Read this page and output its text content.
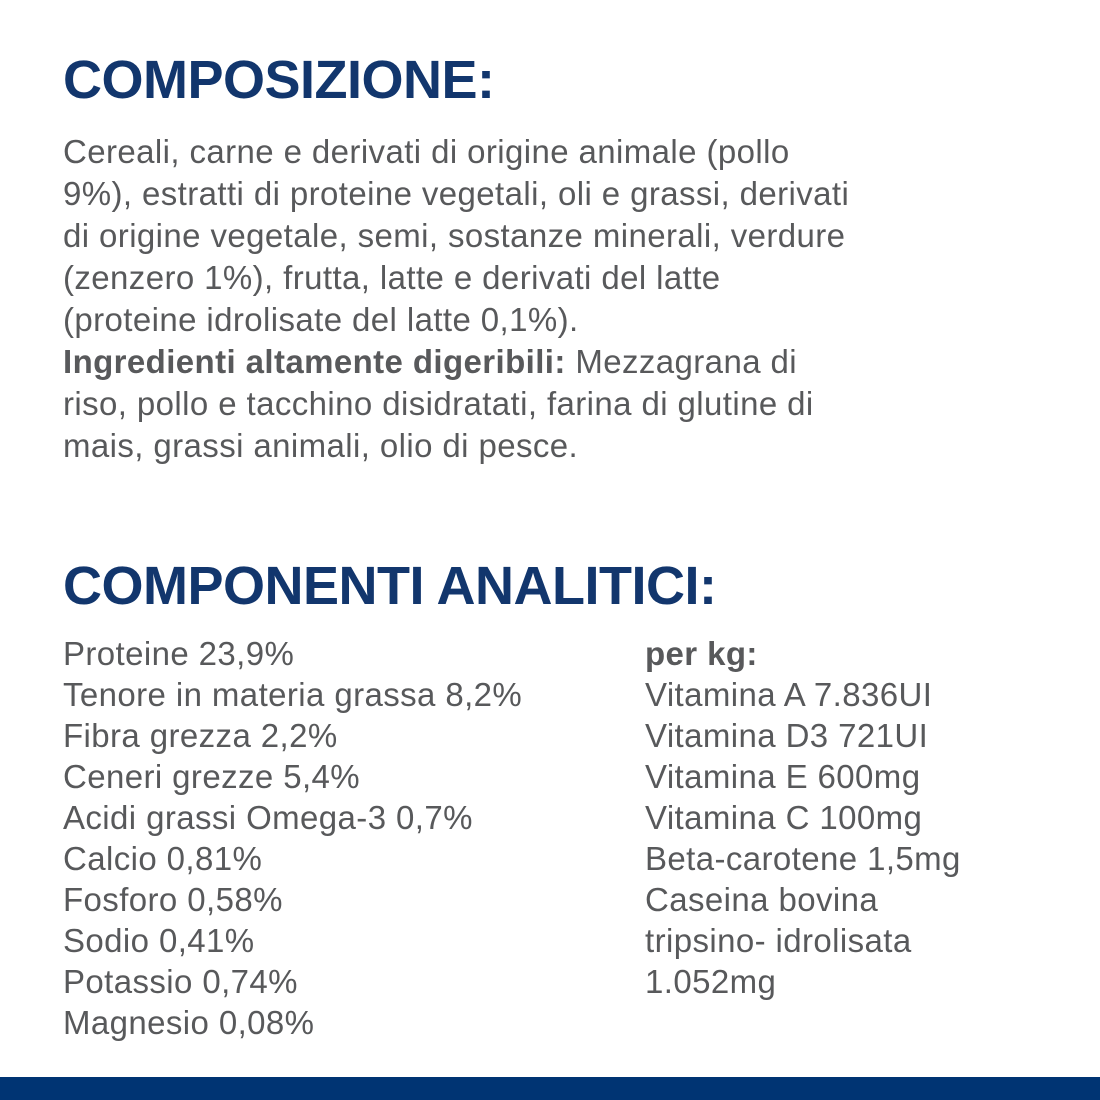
COMPOSIZIONE:

Cereali, carne e derivati di origine animale (pollo
9%), estratti di proteine vegetali, oli e grassi, derivati
di origine vegetale, semi, sostanze minerali, verdure
(zenzero 1%), frutta, latte e derivati del latte
(proteine idrolisate del latte 0,1%).
Ingredienti altamente digeribili: Mezzagrana di
riso, pollo e tacchino disidratati, farina di glutine di
mais, grassi animali, olio di pesce.

COMPONENTI ANALITICI:
Proteine 23,9%
Tenore in materia grassa 8,2%
Fibra grezza 2,2%
Ceneri grezze 5,4%
Acidi grassi Omega-3 0,7%
Calcio 0,81%
Fosforo 0,58%
Sodio 0,41%
Potassio 0,74%
Magnesio 0,08%
per kg:
Vitamina A 7.836UI
Vitamina D3 721UI
Vitamina E 600mg
Vitamina C 100mg
Beta-carotene 1,5mg
Caseina bovina
tripsino- idrolisata
1.052mg
